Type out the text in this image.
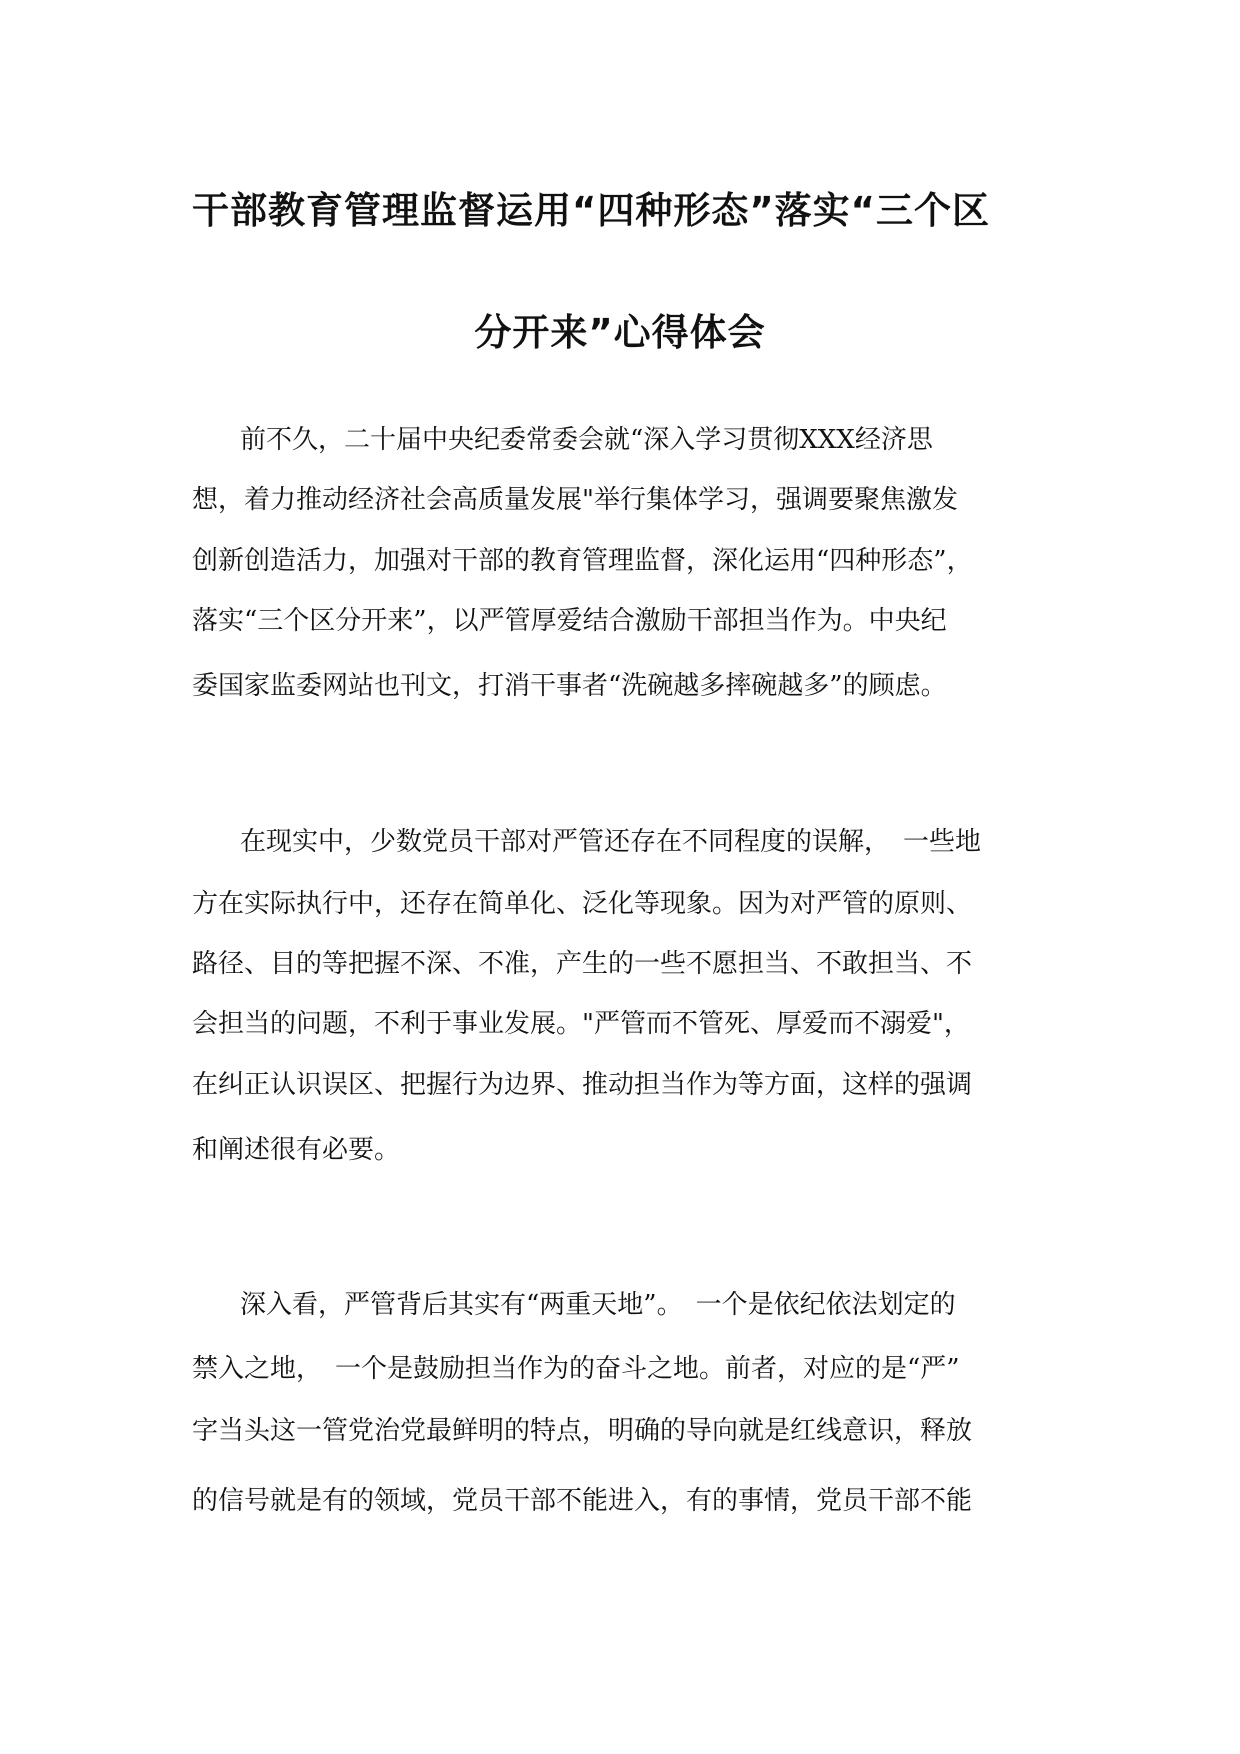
干部教育管理监督运用“四种形态”落实“三个区
分开来”心得体会

前不久，二十届中央纪委常委会就“深入学习贯彻XXX经济思

想，着力推动经济社会高质量发展"举行集体学习，强调要聚焦激发

创新创造活力，加强对干部的教育管理监督，深化运用“四种形态”，

落实“三个区分开来”，以严管厚爱结合激励干部担当作为。中央纪

委国家监委网站也刊文，打消干事者“洗碗越多摔碗越多”的顾虑。

在现实中，少数党员干部对严管还存在不同程度的误解，　一些地

方在实际执行中，还存在简单化、泛化等现象。因为对严管的原则、

路径、目的等把握不深、不准，产生的一些不愿担当、不敢担当、不

会担当的问题，不利于事业发展。"严管而不管死、厚爱而不溺爱"，

在纠正认识误区、把握行为边界、推动担当作为等方面，这样的强调

和阐述很有必要。

深入看，严管背后其实有“两重天地”。　一个是依纪依法划定的

禁入之地，　一个是鼓励担当作为的奋斗之地。前者，对应的是“严”

字当头这一管党治党最鲜明的特点，明确的导向就是红线意识，释放

的信号就是有的领域，党员干部不能进入，有的事情，党员干部不能
